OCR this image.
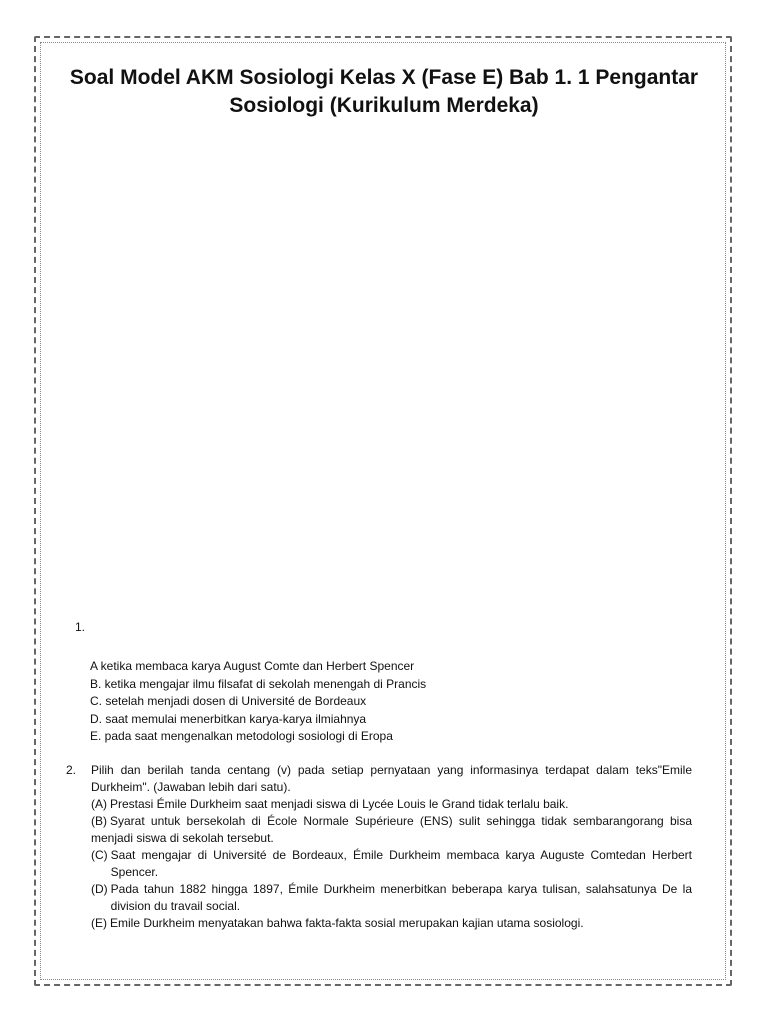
Soal Model AKM Sosiologi Kelas X (Fase E) Bab 1. 1 Pengantar
Sosiologi (Kurikulum Merdeka)
1.
A ketika membaca karya August Comte dan Herbert Spencer
B. ketika mengajar ilmu filsafat di sekolah menengah di Prancis
C. setelah menjadi dosen di Université de Bordeaux
D. saat memulai menerbitkan karya-karya ilmiahnya
E. pada saat mengenalkan metodologi sosiologi di Eropa
2. Pilih dan berilah tanda centang (v) pada setiap pernyataan yang informasinya terdapat dalam teks"Emile Durkheim". (Jawaban lebih dari satu).
(A) Prestasi Émile Durkheim saat menjadi siswa di Lycée Louis le Grand tidak terlalu baik.
(B) Syarat untuk bersekolah di École Normale Supérieure (ENS) sulit sehingga tidak sembarangorang bisa menjadi siswa di sekolah tersebut.
(C) Saat mengajar di Université de Bordeaux, Émile Durkheim membaca karya Auguste Comtedan Herbert Spencer.
(D) Pada tahun 1882 hingga 1897, Émile Durkheim menerbitkan beberapa karya tulisan, salahsatunya De la division du travail social.
(E) Emile Durkheim menyatakan bahwa fakta-fakta sosial merupakan kajian utama sosiologi.
